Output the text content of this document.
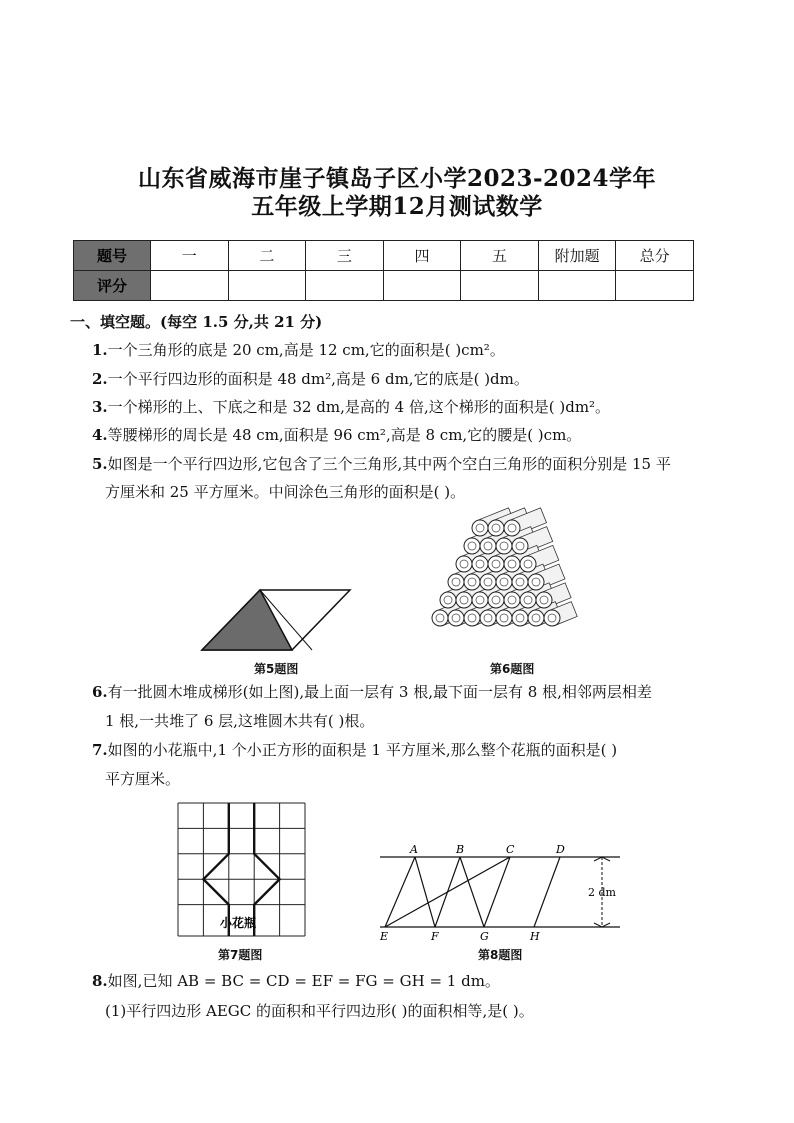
山东省威海市崖子镇岛子区小学2023-2024学年
五年级上学期12月测试数学
题号	一	二	三	四	五	附加题	总分
评分							
一、填空题。(每空 1.5 分,共 21 分)
1.一个三角形的底是 20 cm,高是 12 cm,它的面积是( )cm²。
2.一个平行四边形的面积是 48 dm²,高是 6 dm,它的底是( )dm。
3.一个梯形的上、下底之和是 32 dm,是高的 4 倍,这个梯形的面积是( )dm²。
4.等腰梯形的周长是 48 cm,面积是 96 cm²,高是 8 cm,它的腰是( )cm。
5.如图是一个平行四边形,它包含了三个三角形,其中两个空白三角形的面积分别是 15 平
方厘米和 25 平方厘米。中间涂色三角形的面积是( )。
第5题图	第6题图
6.有一批圆木堆成梯形(如上图),最上面一层有 3 根,最下面一层有 8 根,相邻两层相差
1 根,一共堆了 6 层,这堆圆木共有( )根。
7.如图的小花瓶中,1 个小正方形的面积是 1 平方厘米,那么整个花瓶的面积是( )
平方厘米。
小花瓶
第7题图
A	B	C	D
E	F	G	H
2 dm
第8题图
8.如图,已知 AB = BC = CD = EF = FG = GH = 1 dm。
(1)平行四边形 AEGC 的面积和平行四边形( )的面积相等,是( )。
